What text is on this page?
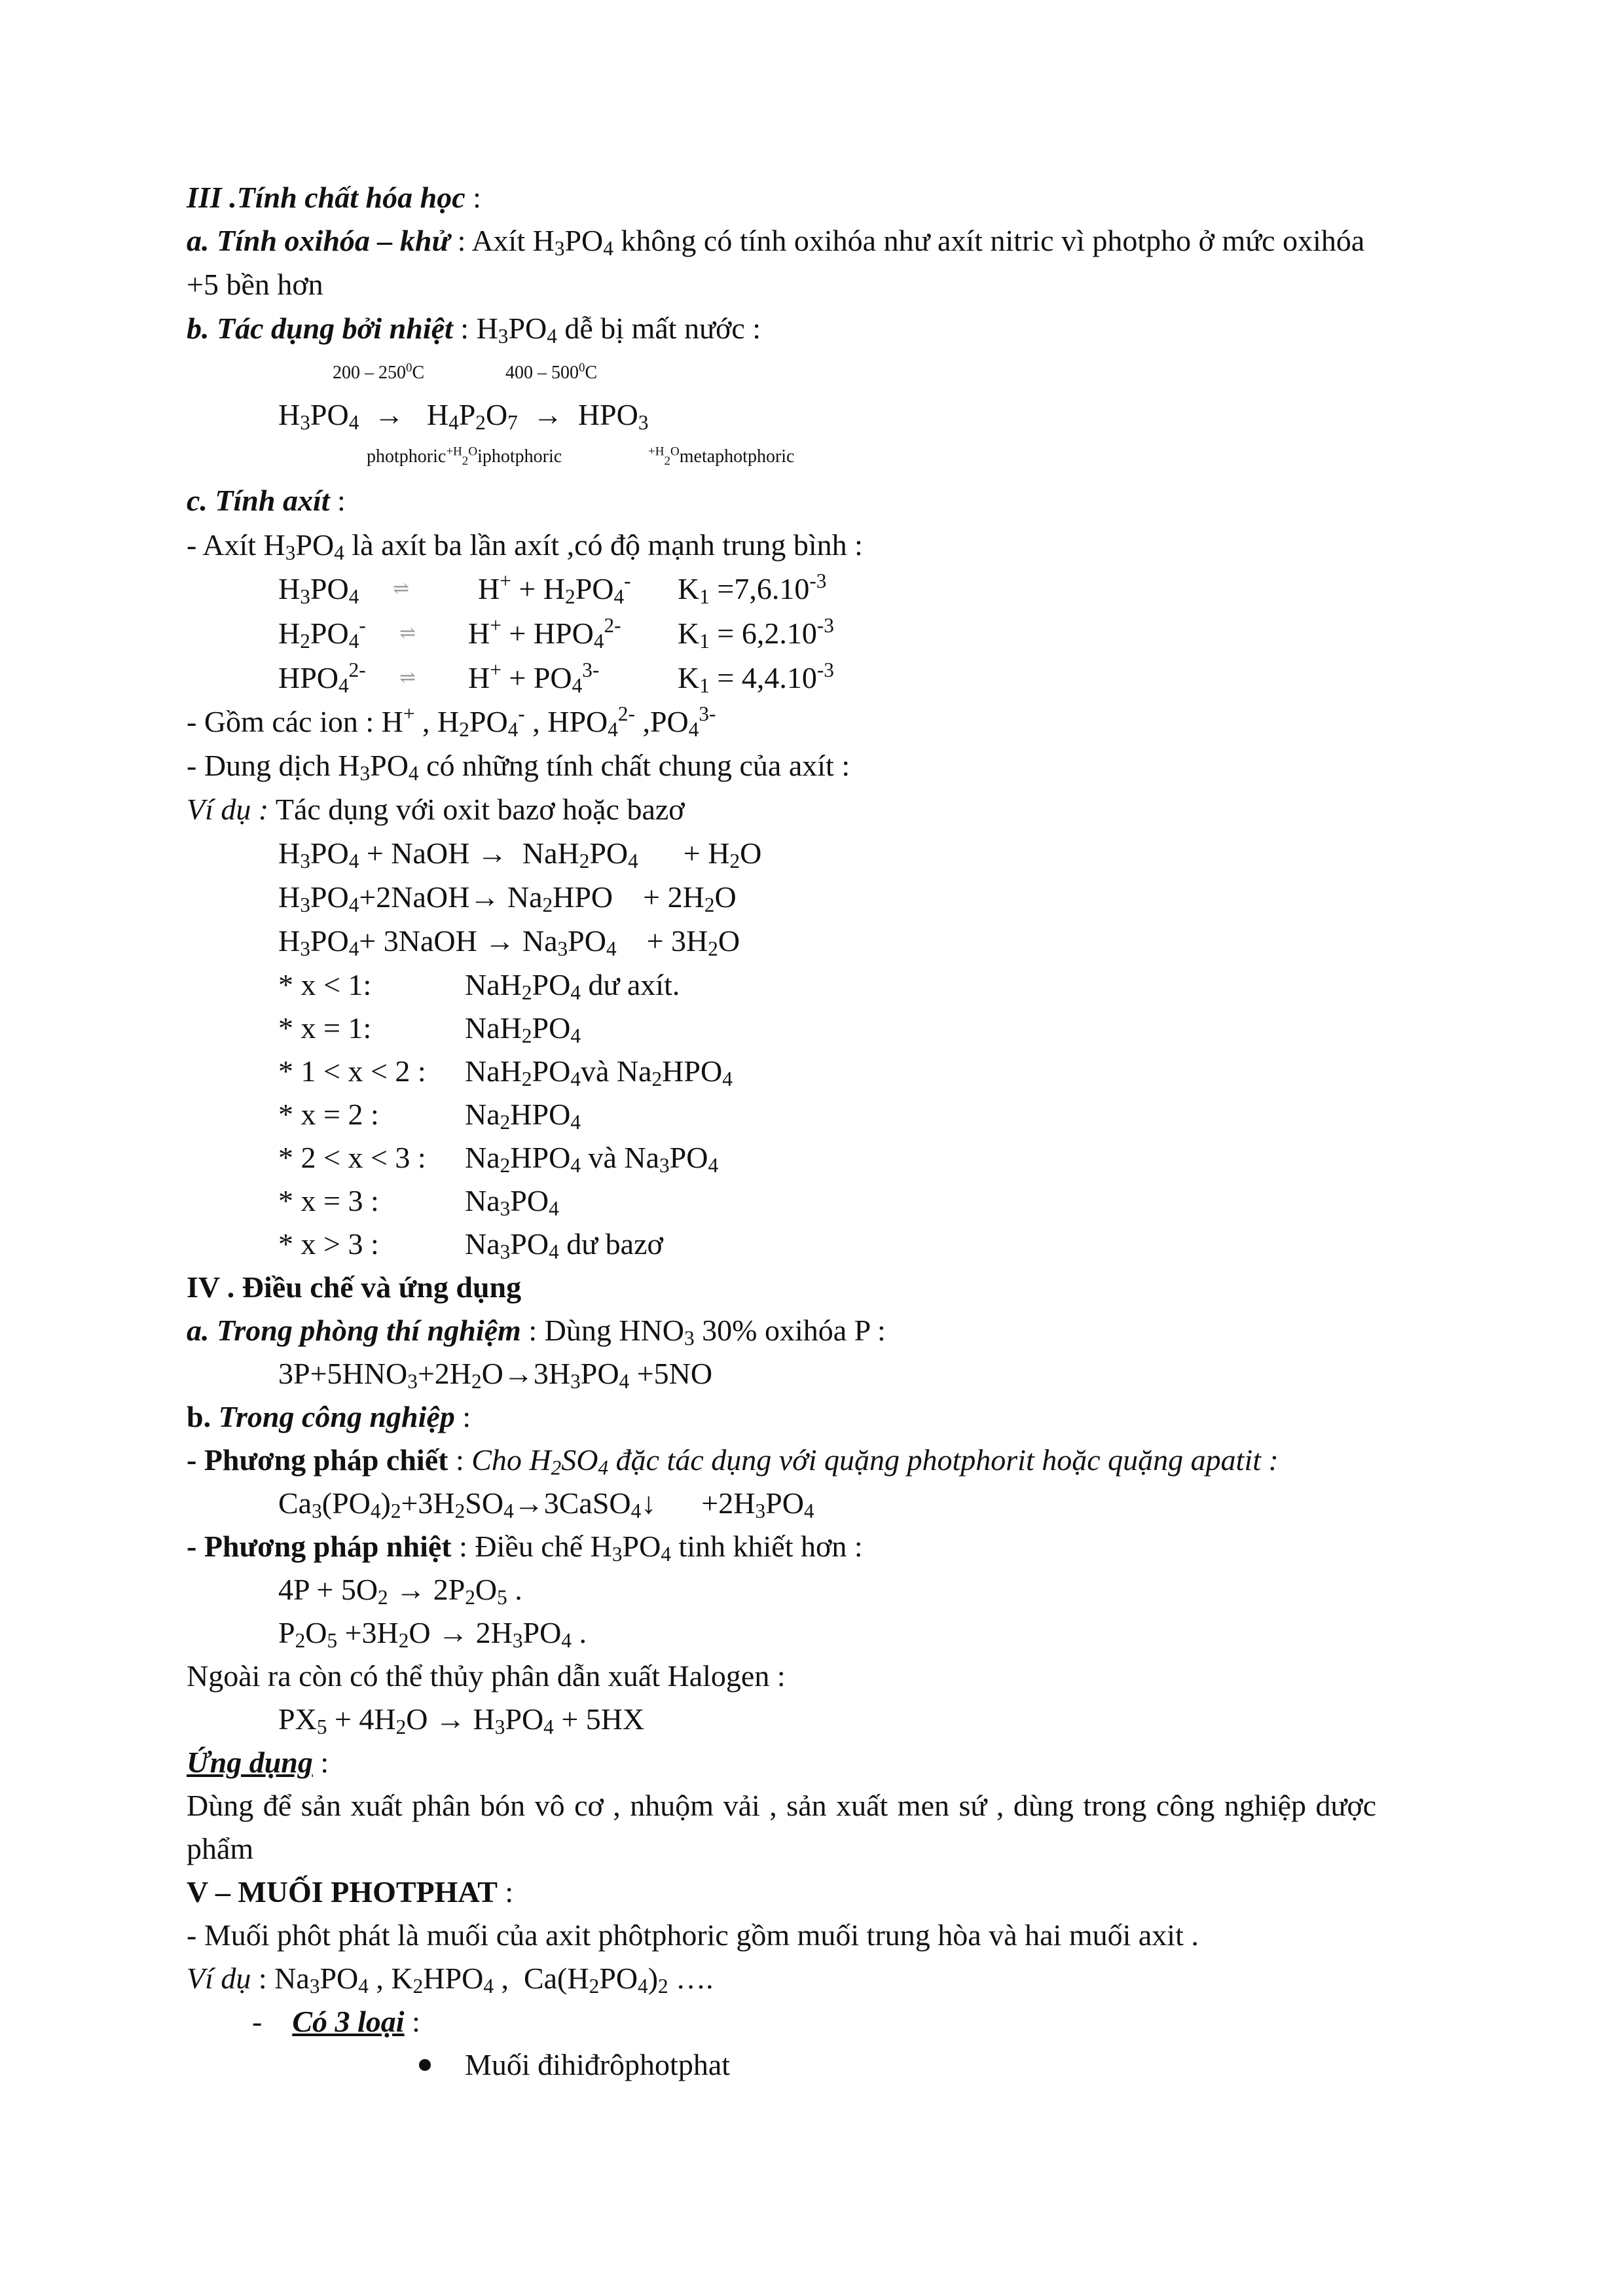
III .Tính chất hóa học :
a. Tính oxihóa – khử : Axít $H_3PO_4$ không có tính oxihóa như axít nitric vì photpho ở mức oxihóa
+5 bền hơn
b. Tác dụng bởi nhiệt : $H_3PO_4$ dễ bị mất nước :
$200 - 250^0C$	$400 - 500^0C$
$H_3PO_4 \to H_4P_2O_7 \to HPO_3$
photphoric$^{+H}_2^O$iphotphoric	$^{+H}_2^O$metaphotphoric
c. Tính axít :
- Axít $H_3PO_4$ là axít ba lần axít ,có độ mạnh trung bình :
$H_3PO_4$ ⇌ $H^+ + H_2PO_4^-$ $K_1 =7,6.10^{-3}$
$H_2PO_4^-$ ⇌ $H^+ + HPO_4^{2-}$ $K_1 = 6,2.10^{-3}$
$HPO_4^{2-}$ ⇌ $H^+ + PO_4^{3-}$	$K_1 = 4,4.10^{-3}$
- Gồm các ion : H+ , $H_2PO_4^-$ , $HPO_4^{2-}$ $,PO_4^{3-}$
- Dung dịch $H_3PO_4$ có những tính chất chung của axít :
Ví dụ : Tác dụng với oxit bazơ hoặc bazơ
$H_3PO_4$ + NaOH →  $NaH_2PO_4$      + $H_2O$
$H_3PO_4+2NaOH\to Na_2HPO$    + $2H_2O$
$H_3PO_4+$ 3NaOH → $Na_3PO_4$    + $3H_2O$
* x < 1:	$NaH_2PO_4$ dư axít.
* x = 1:	$NaH_2PO_4$
* 1 < x < 2 : $NaH_2PO_4và$ $Na_2HPO_4$
* x = 2 :	$Na_2HPO_4$
* 2 < x < 3 : $Na_2HPO_4$ và $Na_3PO_4$
* x = 3 :	$Na_3PO_4$
* x > 3 :	$Na_3PO_4$ dư bazơ
IV . Điều chế và ứng dụng
a. Trong phòng thí nghiệm : Dùng $HNO_3$ 30% oxihóa P :
$3P+5HNO_3+2H_2O\to 3H_3PO_4 +5NO$
b. Trong công nghiệp :
- Phương pháp chiết : Cho $H_2SO_4$ đặc tác dụng với quặng photphorit hoặc quặng apatit :
$Ca_3(PO_4)_2+3H_2SO_4\to 3CaSO_4↓$      $+2H_3PO_4$
- Phương pháp nhiệt : Điều chế $H_3PO_4$ tinh khiết hơn :
$4P + 5O_2 \to 2P_2O_5$ .
$P_2O_5 +3H_2O \to 2H_3PO_4$ .
Ngoài ra còn có thể thủy phân dẫn xuất Halogen :
$PX_5 + 4H_2O \to H_3PO_4 + 5HX$
Ứng dụng :
Dùng để sản xuất phân bón vô cơ , nhuộm vải , sản xuất men sứ , dùng trong công nghiệp dược
phẩm
V – MUỐI PHOTPHAT :
- Muối phôt phát là muối của axit phôtphoric gồm muối trung hòa và hai muối axit .
Ví dụ : $Na_3PO_4$ , $K_2HPO_4$ ,  $Ca(H_2PO_4)_2$ ….
-    Có 3 loại :
Muối đihiđrôphotphat
